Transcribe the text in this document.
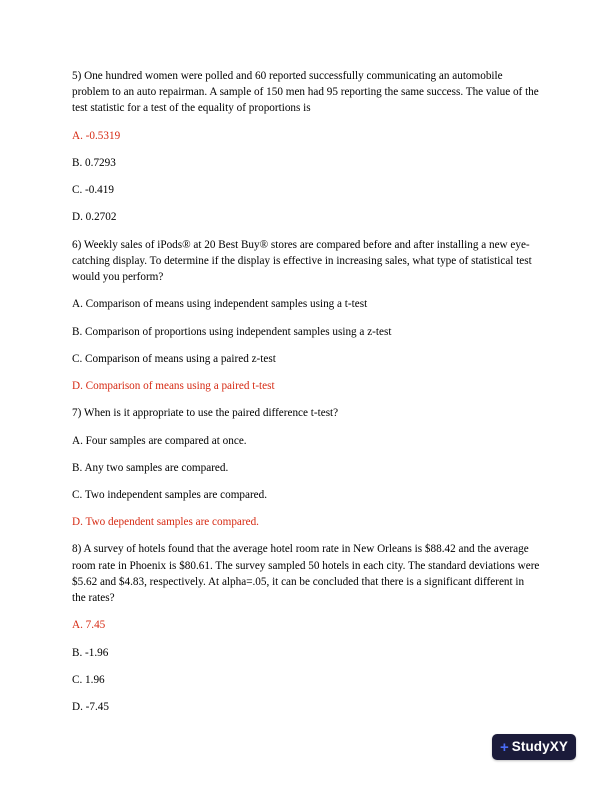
5) One hundred women were polled and 60 reported successfully communicating an automobile problem to an auto repairman. A sample of 150 men had 95 reporting the same success. The value of the test statistic for a test of the equality of proportions is

A. -0.5319

B. 0.7293

C. -0.419

D. 0.2702

6) Weekly sales of iPods® at 20 Best Buy® stores are compared before and after installing a new eye-catching display. To determine if the display is effective in increasing sales, what type of statistical test would you perform?

A. Comparison of means using independent samples using a t-test

B. Comparison of proportions using independent samples using a z-test

C. Comparison of means using a paired z-test

D. Comparison of means using a paired t-test

7) When is it appropriate to use the paired difference t-test?

A. Four samples are compared at once.

B. Any two samples are compared.

C. Two independent samples are compared.

D. Two dependent samples are compared.

8) A survey of hotels found that the average hotel room rate in New Orleans is $88.42 and the average room rate in Phoenix is $80.61. The survey sampled 50 hotels in each city. The standard deviations were $5.62 and $4.83, respectively. At alpha=.05, it can be concluded that there is a significant different in the rates?

A. 7.45

B. -1.96

C. 1.96

D. -7.45

+ StudyXY
